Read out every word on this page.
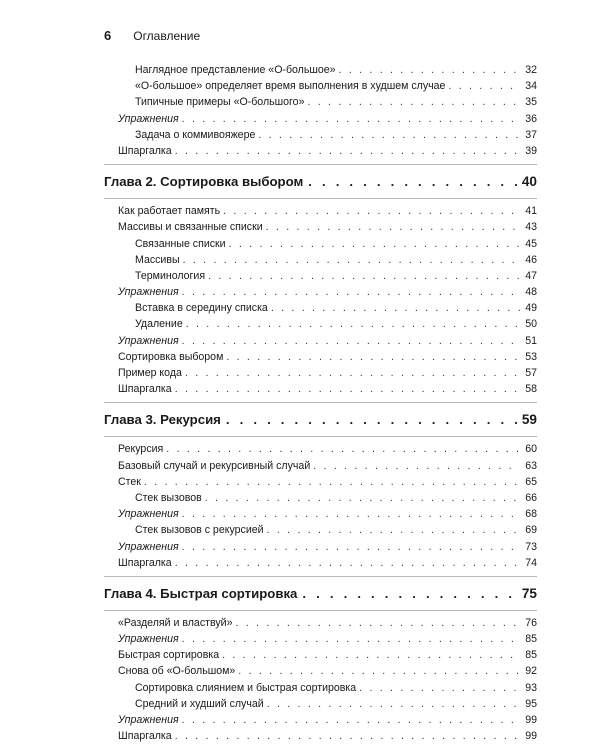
6 Оглавление
Наглядное представление «О-большое» . . .	32
«О-большое» определяет время выполнения в худшем случае . . .	34
Типичные примеры «О-большого» . . .	35
Упражнения . . .	36
Задача о коммивояжере . . .	37
Шпаргалка . . .	39
Глава 2. Сортировка выбором . . .	40
Как работает память . . .	41
Массивы и связанные списки . . .	43
Связанные списки . . .	45
Массивы . . .	46
Терминология . . .	47
Упражнения . . .	48
Вставка в середину списка . . .	49
Удаление . . .	50
Упражнения . . .	51
Сортировка выбором . . .	53
Пример кода . . .	57
Шпаргалка . . .	58
Глава 3. Рекурсия . . .	59
Рекурсия . . .	60
Базовый случай и рекурсивный случай . . .	63
Стек . . .	65
Стек вызовов . . .	66
Упражнения . . .	68
Стек вызовов с рекурсией . . .	69
Упражнения . . .	73
Шпаргалка . . .	74
Глава 4. Быстрая сортировка . . .	75
«Разделяй и властвуй» . . .	76
Упражнения . . .	85
Быстрая сортировка . . .	85
Снова об «О-большом» . . .	92
Сортировка слиянием и быстрая сортировка . . .	93
Средний и худший случай . . .	95
Упражнения . . .	99
Шпаргалка . . .	99
